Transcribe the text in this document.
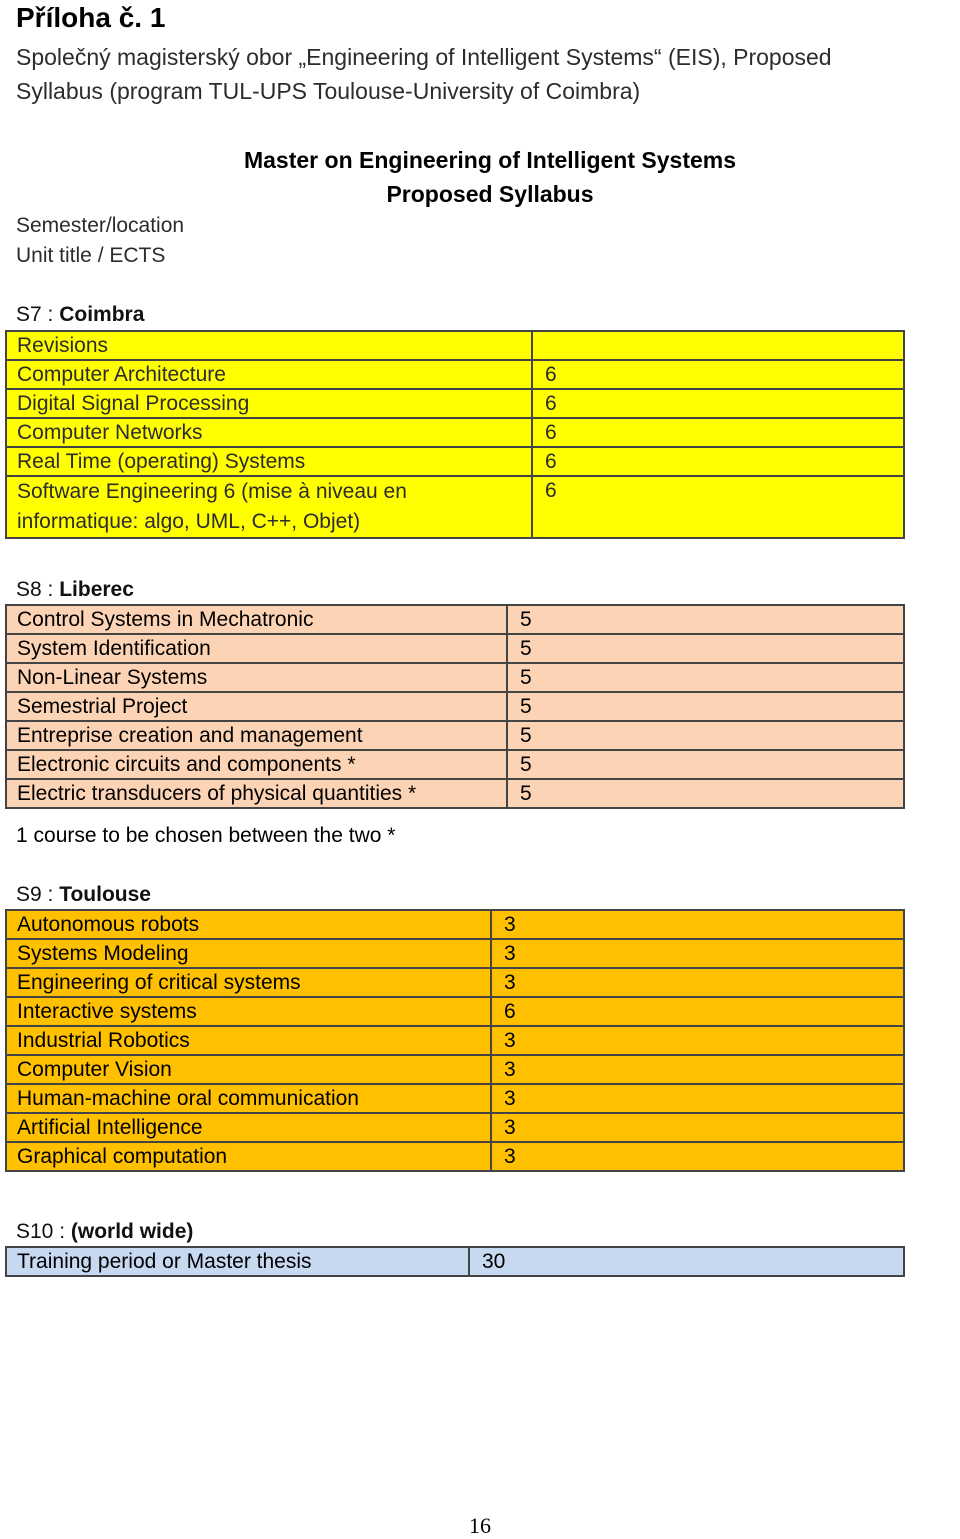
Příloha č. 1
Společný magisterský obor „Engineering of Intelligent Systems“ (EIS), Proposed
Syllabus (program TUL-UPS Toulouse-University of Coimbra)
Master on Engineering of Intelligent Systems
Proposed Syllabus
Semester/location
Unit title / ECTS
S7 : Coimbra
Revisions	
Computer Architecture	6
Digital Signal Processing	6
Computer Networks	6
Real Time (operating) Systems	6
Software Engineering 6 (mise à niveau en informatique: algo, UML, C++, Objet)	6
S8 : Liberec
Control Systems in Mechatronic	5
System Identification	5
Non-Linear Systems	5
Semestrial Project	5
Entreprise creation and management	5
Electronic circuits and components *	5
Electric transducers of physical quantities *	5
1 course to be chosen between the two *
S9 : Toulouse
Autonomous robots	3
Systems Modeling	3
Engineering of critical systems	3
Interactive systems	6
Industrial Robotics	3
Computer Vision	3
Human-machine oral communication	3
Artificial Intelligence	3
Graphical computation	3
S10 : (world wide)
Training period or Master thesis	30
16
